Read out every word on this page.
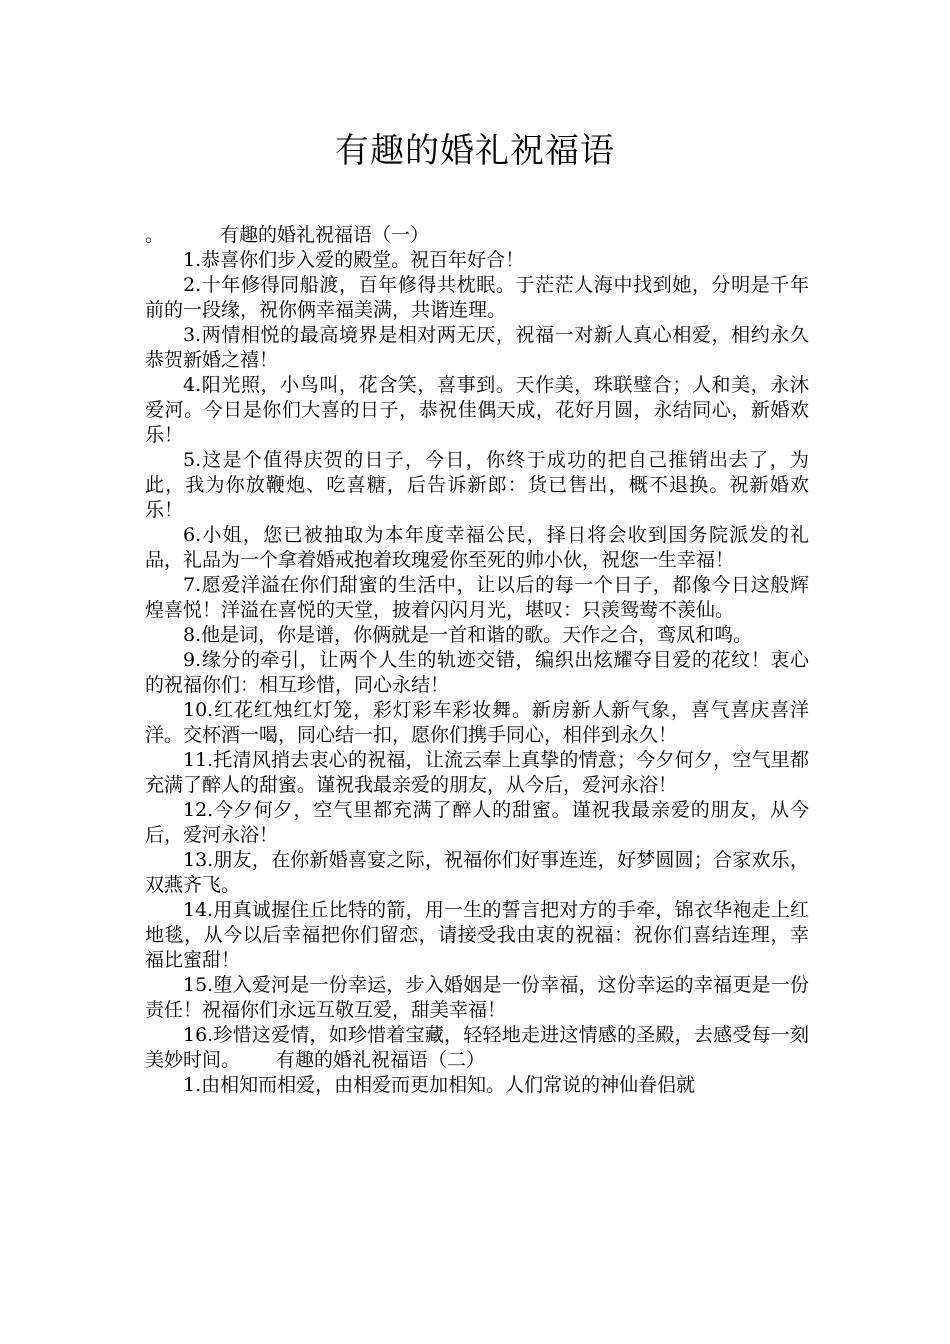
有趣的婚礼祝福语

。	有趣的婚礼祝福语（一）

1.恭喜你们步入爱的殿堂。祝百年好合！

2.十年修得同船渡，百年修得共枕眠。于茫茫人海中找到她，分明是千年前的一段缘，祝你俩幸福美满，共谐连理。

3.两情相悦的最高境界是相对两无厌，祝福一对新人真心相爱，相约永久恭贺新婚之禧！

4.阳光照，小鸟叫，花含笑，喜事到。天作美，珠联璧合；人和美，永沐爱河。今日是你们大喜的日子，恭祝佳偶天成，花好月圆，永结同心，新婚欢乐！

5.这是个值得庆贺的日子，今日，你终于成功的把自己推销出去了，为此，我为你放鞭炮、吃喜糖，后告诉新郎：货已售出，概不退换。祝新婚欢乐！

6.小姐，您已被抽取为本年度幸福公民，择日将会收到国务院派发的礼品，礼品为一个拿着婚戒抱着玫瑰爱你至死的帅小伙，祝您一生幸福！

7.愿爱洋溢在你们甜蜜的生活中，让以后的每一个日子，都像今日这般辉煌喜悦！洋溢在喜悦的天堂，披着闪闪月光，堪叹：只羡鸳鸯不羡仙。

8.他是词，你是谱，你俩就是一首和谐的歌。天作之合，鸾凤和鸣。

9.缘分的牵引，让两个人生的轨迹交错，编织出炫耀夺目爱的花纹！衷心的祝福你们：相互珍惜，同心永结！

10.红花红烛红灯笼，彩灯彩车彩妆舞。新房新人新气象，喜气喜庆喜洋洋。交杯酒一喝，同心结一扣，愿你们携手同心，相伴到永久！

11.托清风捎去衷心的祝福，让流云奉上真挚的情意；今夕何夕，空气里都充满了醉人的甜蜜。谨祝我最亲爱的朋友，从今后，爱河永浴！

12.今夕何夕，空气里都充满了醉人的甜蜜。谨祝我最亲爱的朋友，从今后，爱河永浴！

13.朋友，在你新婚喜宴之际，祝福你们好事连连，好梦圆圆；合家欢乐，双燕齐飞。

14.用真诚握住丘比特的箭，用一生的誓言把对方的手牵，锦衣华袍走上红地毯，从今以后幸福把你们留恋，请接受我由衷的祝福：祝你们喜结连理，幸福比蜜甜！

15.堕入爱河是一份幸运，步入婚姻是一份幸福，这份幸运的幸福更是一份责任！祝福你们永远互敬互爱，甜美幸福！

16.珍惜这爱情，如珍惜着宝藏，轻轻地走进这情感的圣殿，去感受每一刻美妙时间。 有趣的婚礼祝福语（二）

1.由相知而相爱，由相爱而更加相知。人们常说的神仙眷侣就
